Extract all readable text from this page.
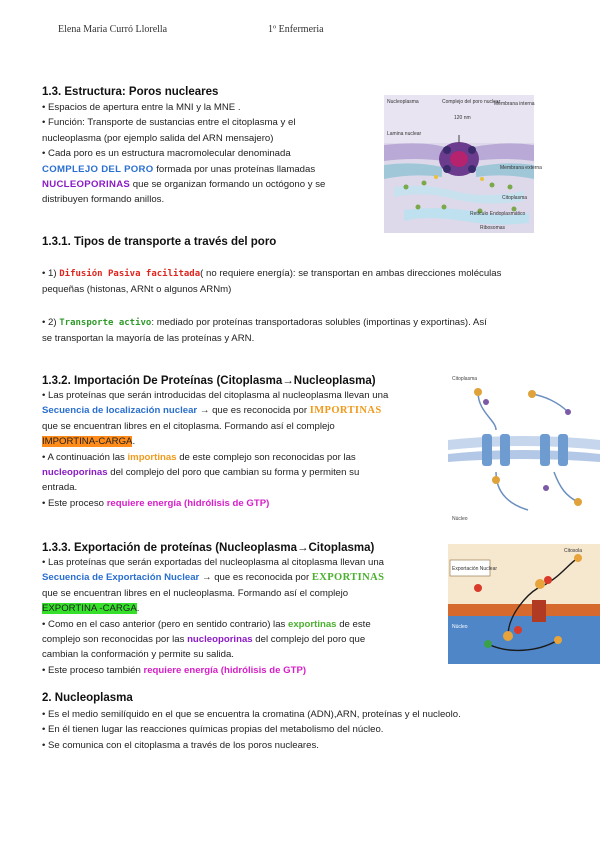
Elena Maria Curró Llorella	1º Enfermeria
1.3. Estructura: Poros nucleares
• Espacios de apertura entre la MNI y la MNE .
• Función: Transporte de sustancias entre el citoplasma y el
nucleoplasma (por ejemplo salida del ARN mensajero)
• Cada poro es un estructura macromolecular denominada
COMPLEJO DEL PORO formada por unas proteínas llamadas
NUCLEOPORINAS que se organizan formando un octógono y se
distribuyen formando anillos.
Nucleoplasma	Complejo del poro nuclear
Membrana interna
Lamina nuclear
Membrana externa
Citoplasma
Retículo Endoplasmático
Ribosomas
120 nm
1.3.1. Tipos de transporte a través del poro
• 1) Difusión Pasiva facilitada( no requiere energía): se transportan en ambas direcciones moléculas
pequeñas (histonas, ARNt o algunos ARNm)
• 2) Transporte activo: mediado por proteínas transportadoras solubles (importinas y exportinas). Así
se transportan la mayoría de las proteínas y ARN.
1.3.2. Importación De Proteínas (Citoplasma→Nucleoplasma)
• Las proteínas que serán introducidas del citoplasma al nucleoplasma llevan una
Secuencia de localización nuclear → que es reconocida por IMPORTINAS
que se encuentran libres en el citoplasma. Formando así el complejo
IMPORTINA-CARGA.
• A continuación las importinas de este complejo son reconocidas por las
nucleoporinas del complejo del poro que cambian su forma y permiten su
entrada.
• Este proceso requiere energía (hidrólisis de GTP)
Citoplasma
Núcleo
1.3.3. Exportación de proteínas (Nucleoplasma→Citoplasma)
• Las proteínas que serán exportadas del nucleoplasma al citoplasma llevan una
Secuencia de Exportación Nuclear → que es reconocida por EXPORTINAS
que se encuentran libres en el nucleoplasma. Formando así el complejo
EXPORTINA -CARGA.
• Como en el caso anterior (pero en sentido contrario) las exportinas de este
complejo son reconocidas por las nucleoporinas del complejo del poro que
cambian la conformación y permite su salida.
• Este proceso también requiere energía (hidrólisis de GTP)
Citosola
Exportación Nuclear
Núcleo
2. Nucleoplasma
• Es el medio semilíquido en el que se encuentra la cromatina (ADN),ARN, proteínas y el nucleolo.
• En él tienen lugar las reacciones químicas propias del metabolismo del núcleo.
• Se comunica con el citoplasma a través de los poros nucleares.
